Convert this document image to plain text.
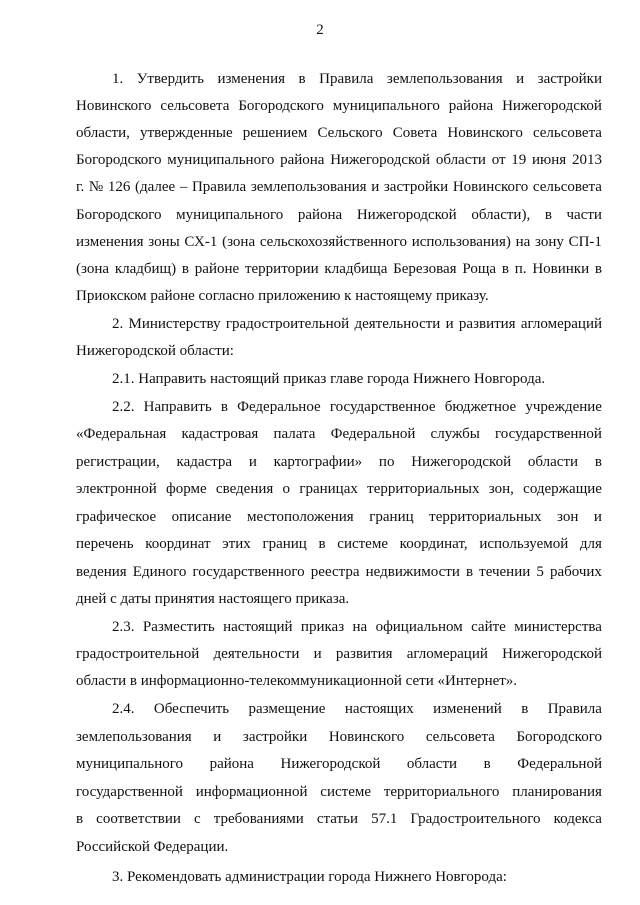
2
1. Утвердить изменения в Правила землепользования и застройки
Новинского сельсовета Богородского муниципального района Нижегородской
области, утвержденные решением Сельского Совета Новинского сельсовета
Богородского муниципального района Нижегородской области от 19 июня 2013
г. № 126 (далее – Правила землепользования и застройки Новинского сельсовета
Богородского муниципального района Нижегородской области), в части
изменения зоны СХ-1 (зона сельскохозяйственного использования) на зону СП-1
(зона кладбищ) в районе территории кладбища Березовая Роща в п. Новинки в
Приокском районе согласно приложению к настоящему приказу.
2. Министерству градостроительной деятельности и развития агломераций
Нижегородской области:
2.1. Направить настоящий приказ главе города Нижнего Новгорода.
2.2. Направить в Федеральное государственное бюджетное учреждение
«Федеральная кадастровая палата Федеральной службы государственной
регистрации, кадастра и картографии» по Нижегородской области в
электронной форме сведения о границах территориальных зон, содержащие
графическое описание местоположения границ территориальных зон и
перечень координат этих границ в системе координат, используемой для
ведения Единого государственного реестра недвижимости в течении 5 рабочих
дней с даты принятия настоящего приказа.
2.3. Разместить настоящий приказ на официальном сайте министерства
градостроительной деятельности и развития агломераций Нижегородской
области в информационно-телекоммуникационной сети «Интернет».
2.4. Обеспечить размещение настоящих изменений в Правила
землепользования и застройки Новинского сельсовета Богородского
муниципального района Нижегородской области в Федеральной
государственной информационной системе территориального планирования
в соответствии с требованиями статьи 57.1 Градостроительного кодекса
Российской Федерации.
3. Рекомендовать администрации города Нижнего Новгорода:
